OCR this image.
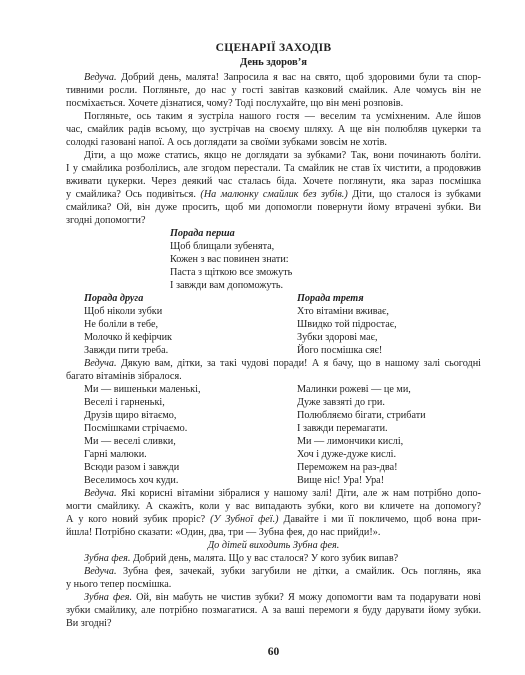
СЦЕНАРІЇ ЗАХОДІВ
День здоров’я
Ведуча. Добрий день, малята! Запросила я вас на свято, щоб здоровими були та спор-
тивними росли. Погляньте, до нас у гості завітав казковий смайлик. Але чомусь він не
посміхається. Хочете дізнатися, чому? Тоді послухайте, що він мені розповів.
Погляньте, ось таким я зустріла нашого гостя — веселим та усміхненим. Але йшов
час, смайлик радів всьому, що зустрічав на своєму шляху. А ще він полюбляв цукерки та
солодкі газовані напої. А ось доглядати за своїми зубками зовсім не хотів.
Діти, а що може статись, якщо не доглядати за зубками? Так, вони починають боліти.
І у смайлика розболілись, але згодом перестали. Та смайлик не став їх чистити, а продовжив
вживати цукерки. Через деякий час сталась біда. Хочете поглянути, яка зараз посмішка
у смайлика? Ось подивіться. (На малюнку смайлик без зубів.) Діти, що сталося із зубками
смайлика? Ой, він дуже просить, щоб ми допомогли повернути йому втрачені зубки. Ви
згодні допомогти?
Порада перша
Щоб блищали зубенята,
Кожен з вас повинен знати:
Паста з щіткою все зможуть
І завжди вам допоможуть.
Порада друга
Щоб ніколи зубки
Не боліли в тебе,
Молочко й кефірчик
Завжди пити треба.
Порада третя
Хто вітаміни вживає,
Швидко той підростає,
Зубки здорові має,
Його посмішка сяє!
Ведуча. Дякую вам, дітки, за такі чудові поради! А я бачу, що в нашому залі сьогодні
багато вітамінів зібралося.
Ми — вишеньки маленькі,
Веселі і гарненькі,
Друзів щиро вітаємо,
Посмішками стрічаємо.
Ми — веселі сливки,
Гарні малюки.
Всюди разом і завжди
Веселимось хоч куди.
Малинки рожеві — це ми,
Дуже завзяті до гри.
Полюбляємо бігати, стрибати
І завжди перемагати.
Ми — лимончики кислі,
Хоч і дуже-дуже кислі.
Переможем на раз-два!
Вище ніс! Ура! Ура!
Ведуча. Які корисні вітаміни зібралися у нашому залі! Діти, але ж нам потрібно допо-
могти смайлику. А скажіть, коли у вас випадають зубки, кого ви кличете на допомогу?
А у кого новий зубик проріс? (У Зубної феї.) Давайте і ми її покличемо, щоб вона при-
йшла! Потрібно сказати: «Один, два, три — Зубна фея, до нас прийди!».
До дітей виходить Зубна фея.
Зубна фея. Добрий день, малята. Що у вас сталося? У кого зубик випав?
Ведуча. Зубна фея, зачекай, зубки загубили не дітки, а смайлик. Ось поглянь, яка
у нього тепер посмішка.
Зубна фея. Ой, він мабуть не чистив зубки? Я можу допомогти вам та подарувати нові
зубки смайлику, але потрібно позмагатися. А за ваші перемоги я буду дарувати йому зубки.
Ви згодні?
60
